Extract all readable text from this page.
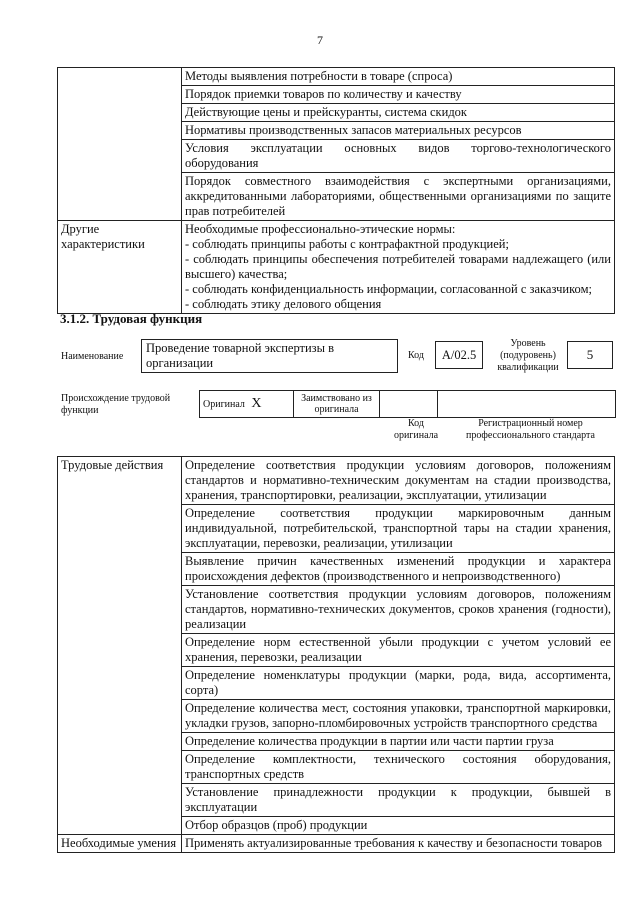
7
	Методы выявления потребности в товаре (спроса)
	Порядок приемки товаров по количеству и качеству
	Действующие цены и прейскуранты, система скидок
	Нормативы производственных запасов материальных ресурсов
	Условия эксплуатации основных видов торгово-технологического оборудования
	Порядок совместного взаимодействия с экспертными организациями, аккредитованными лабораториями, общественными организациями по защите прав потребителей
Другие характеристики	Необходимые профессионально-этические нормы:
- соблюдать принципы работы с контрафактной продукцией;
- соблюдать принципы обеспечения потребителей товарами надлежащего (или высшего) качества;
- соблюдать конфиденциальность информации, согласованной с заказчиком;
- соблюдать этику делового общения
3.1.2. Трудовая функция
Наименование
Проведение товарной экспертизы в организации
Код	А/02.5
Уровень (подуровень) квалификации
5
Происхождение трудовой функции
Оригинал X	Заимствовано из оригинала		
Код оригинала
Регистрационный номер профессионального стандарта
Трудовые действия	Определение соответствия продукции условиям договоров, положениям стандартов и нормативно-техническим документам на стадии производства, хранения, транспортировки, реализации, эксплуатации, утилизации
	Определение соответствия продукции маркировочным данным индивидуальной, потребительской, транспортной тары на стадии хранения, эксплуатации, перевозки, реализации, утилизации
	Выявление причин качественных изменений продукции и характера происхождения дефектов (производственного и непроизводственного)
	Установление соответствия продукции условиям договоров, положениям стандартов, нормативно-технических документов, сроков хранения (годности), реализации
	Определение норм естественной убыли продукции с учетом условий ее хранения, перевозки, реализации
	Определение номенклатуры продукции (марки, рода, вида, ассортимента, сорта)
	Определение количества мест, состояния упаковки, транспортной маркировки, укладки грузов, запорно-пломбировочных устройств транспортного средства
	Определение количества продукции в партии или части партии груза
	Определение комплектности, технического состояния оборудования, транспортных средств
	Установление принадлежности продукции к продукции, бывшей в эксплуатации
	Отбор образцов (проб) продукции
Необходимые умения	Применять актуализированные требования к качеству и безопасности товаров
